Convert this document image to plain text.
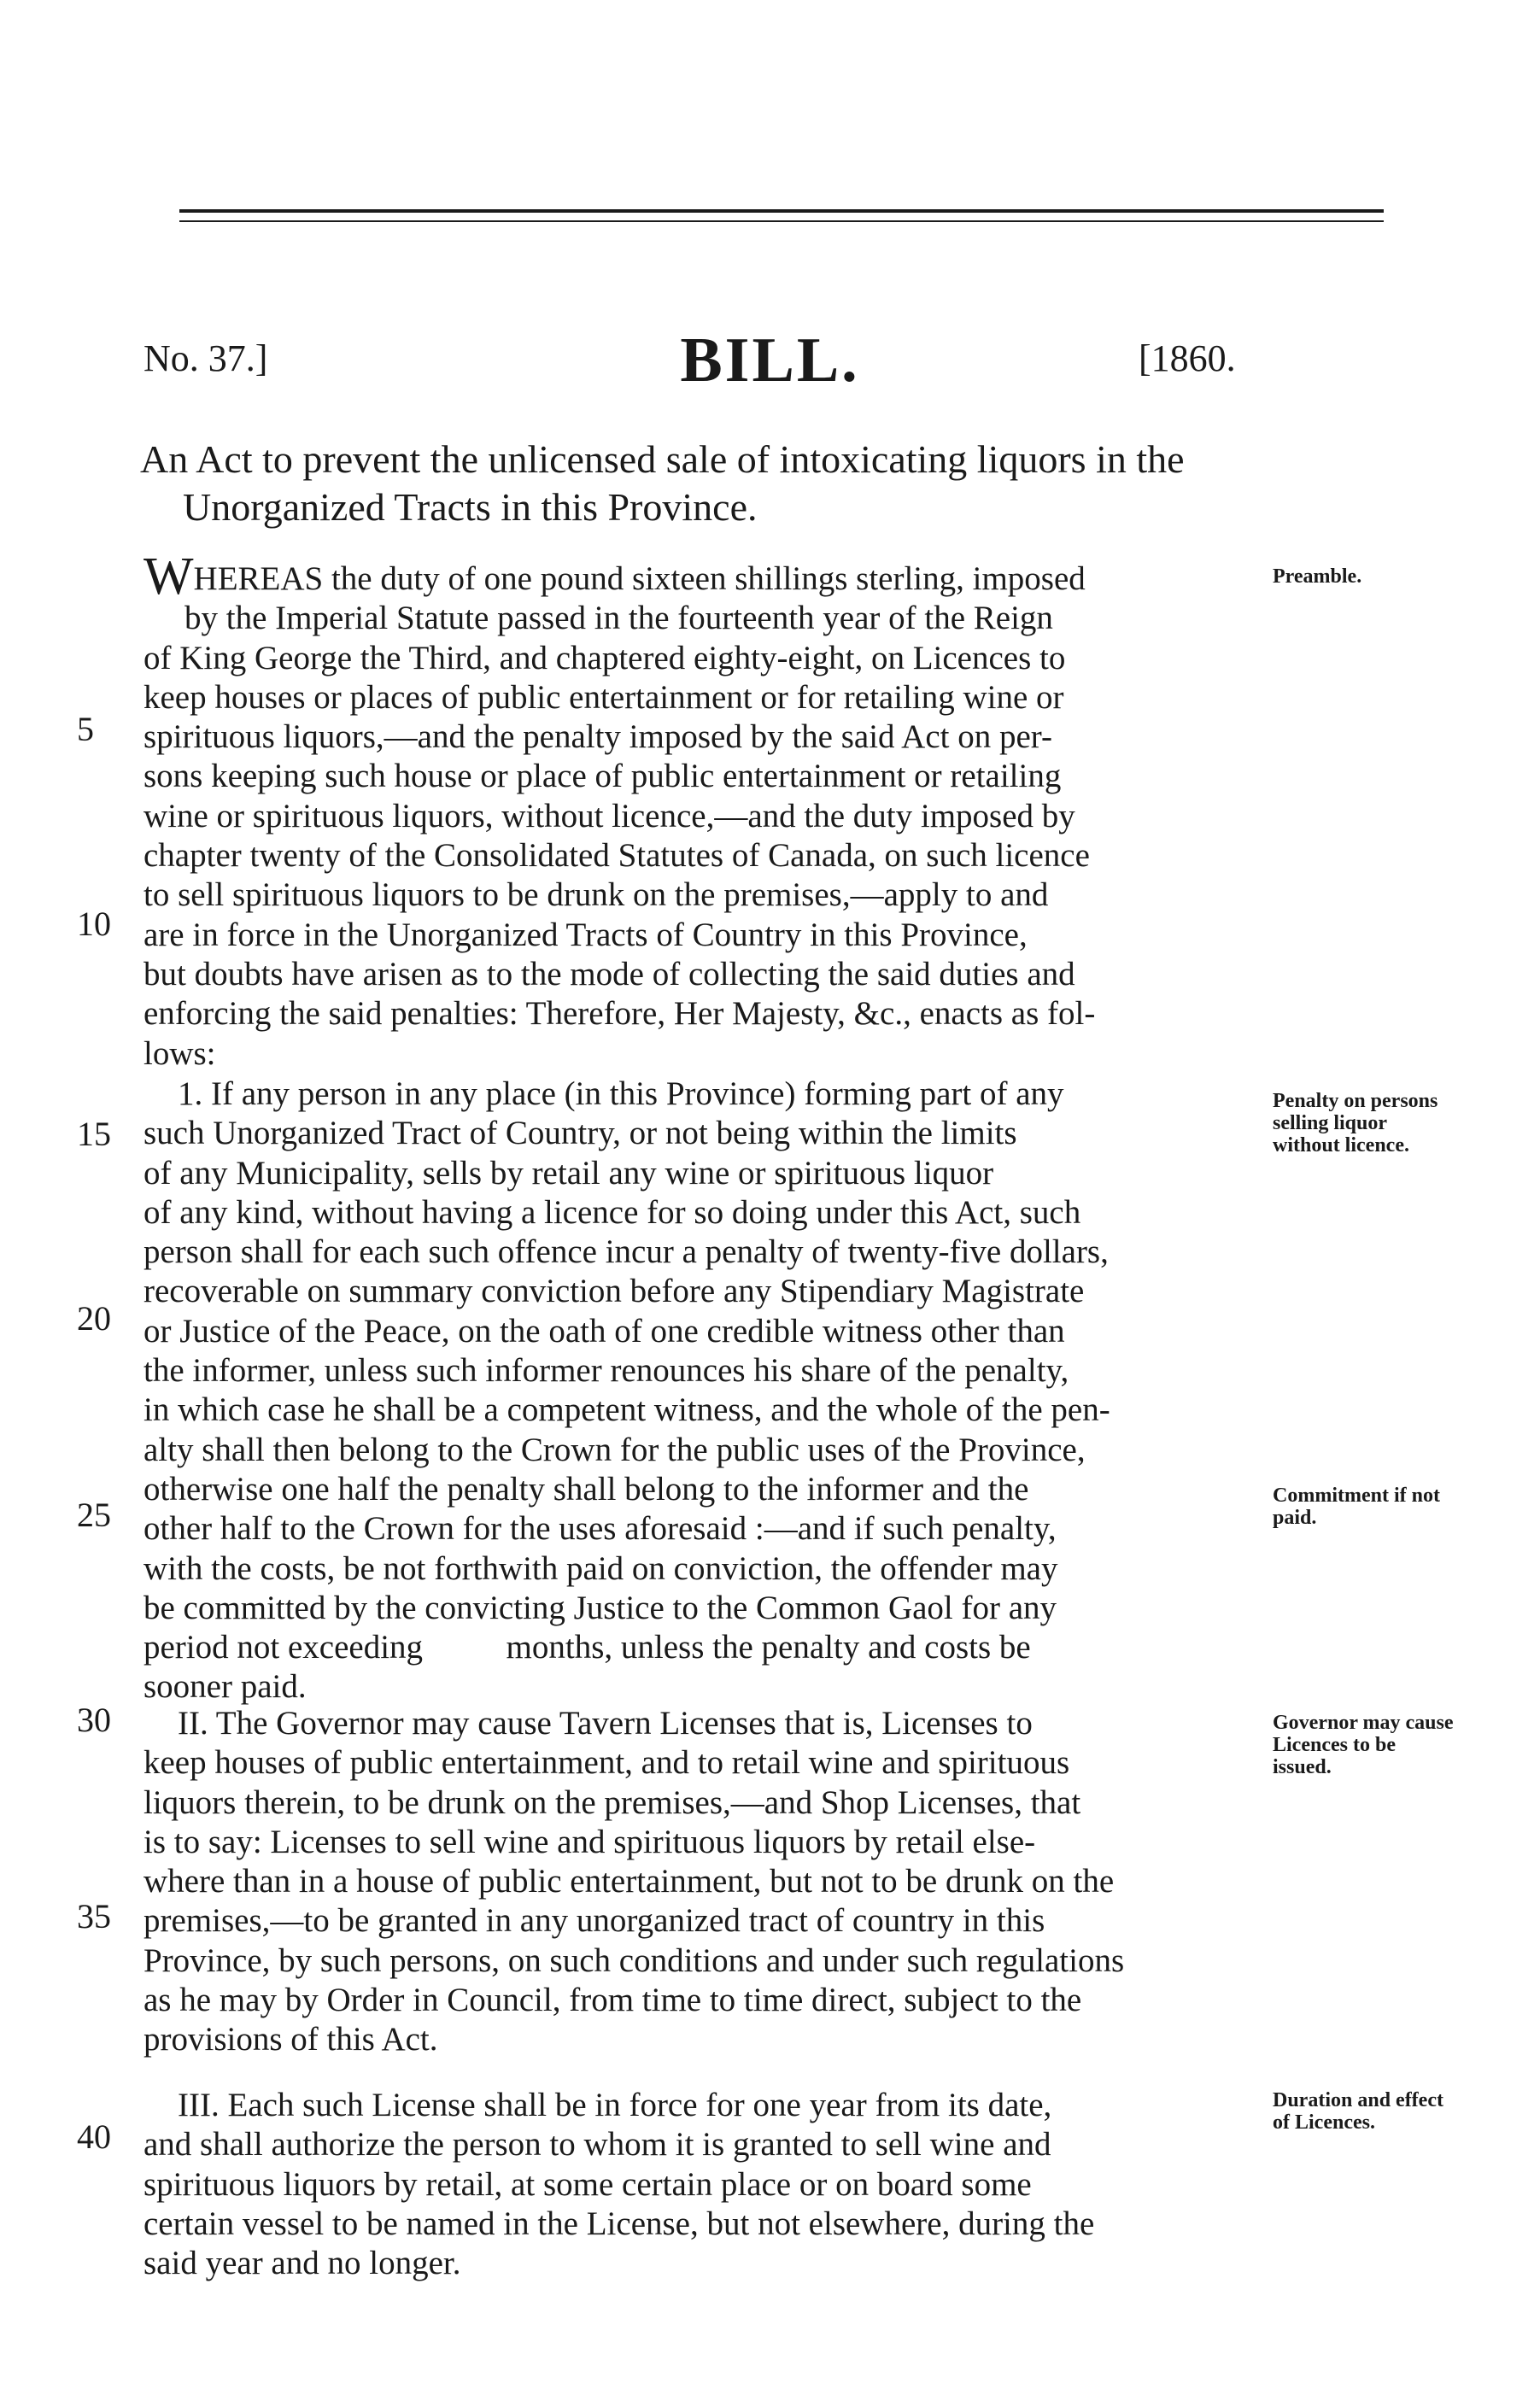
No. 37.]	BILL.	[1860.
An Act to prevent the unlicensed sale of intoxicating liquors in the Unorganized Tracts in this Province.
WHEREAS the duty of one pound sixteen shillings sterling, imposed
by the Imperial Statute passed in the fourteenth year of the Reign
of King George the Third, and chaptered eighty-eight, on Licences to
keep houses or places of public entertainment or for retailing wine or
spirituous liquors,—and the penalty imposed by the said Act on per-
sons keeping such house or place of public entertainment or retailing
wine or spirituous liquors, without licence,—and the duty imposed by
chapter twenty of the Consolidated Statutes of Canada, on such licence
to sell spirituous liquors to be drunk on the premises,—apply to and
are in force in the Unorganized Tracts of Country in this Province,
but doubts have arisen as to the mode of collecting the said duties and
enforcing the said penalties: Therefore, Her Majesty, &c., enacts as fol-
lows:
1. If any person in any place (in this Province) forming part of any
such Unorganized Tract of Country, or not being within the limits
of any Municipality, sells by retail any wine or spirituous liquor
of any kind, without having a licence for so doing under this Act, such
person shall for each such offence incur a penalty of twenty-five dollars,
recoverable on summary conviction before any Stipendiary Magistrate
or Justice of the Peace, on the oath of one credible witness other than
the informer, unless such informer renounces his share of the penalty,
in which case he shall be a competent witness, and the whole of the pen-
alty shall then belong to the Crown for the public uses of the Province,
otherwise one half the penalty shall belong to the informer and the
other half to the Crown for the uses aforesaid :—and if such penalty,
with the costs, be not forthwith paid on conviction, the offender may
be committed by the convicting Justice to the Common Gaol for any
period not exceeding          months, unless the penalty and costs be
sooner paid.
II. The Governor may cause Tavern Licenses that is, Licenses to
keep houses of public entertainment, and to retail wine and spirituous
liquors therein, to be drunk on the premises,—and Shop Licenses, that
is to say: Licenses to sell wine and spirituous liquors by retail else-
where than in a house of public entertainment, but not to be drunk on the
premises,—to be granted in any unorganized tract of country in this
Province, by such persons, on such conditions and under such regulations
as he may by Order in Council, from time to time direct, subject to the
provisions of this Act.
III. Each such License shall be in force for one year from its date,
and shall authorize the person to whom it is granted to sell wine and
spirituous liquors by retail, at some certain place or on board some
certain vessel to be named in the License, but not elsewhere, during the
said year and no longer.
5
10
15
20
25
30
35
40
Preamble.
Penalty on persons selling liquor without licence.
Commitment if not paid.
Governor may cause Licences to be issued.
Duration and effect of Licences.
